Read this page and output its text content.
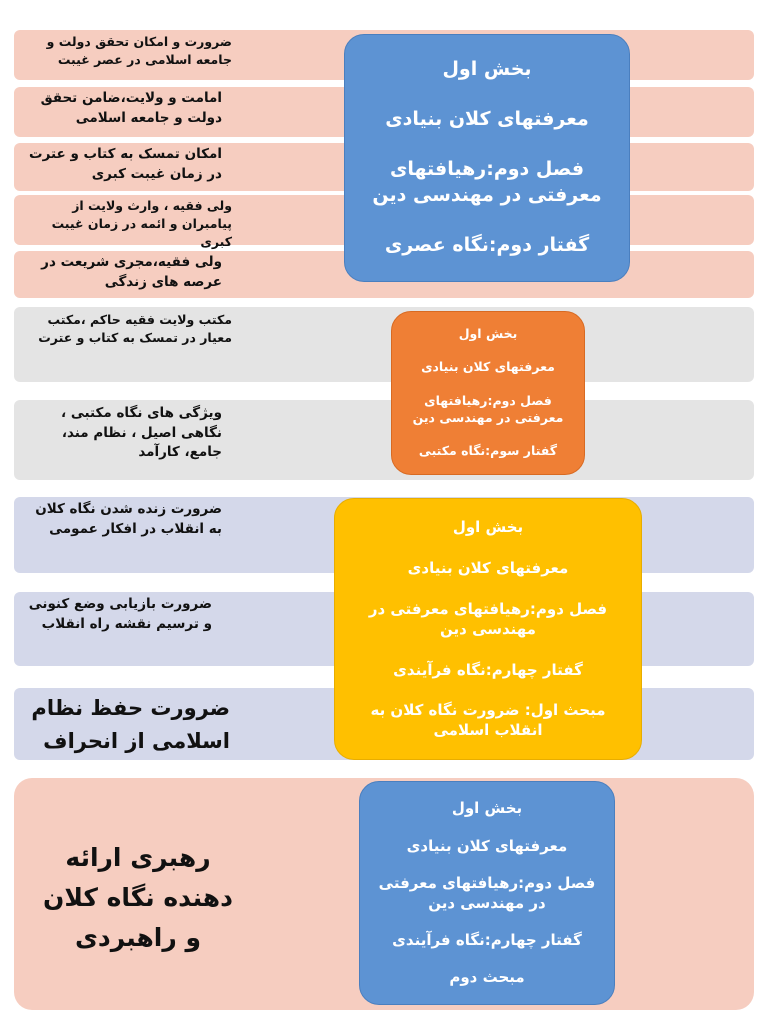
ضرورت و امکان تحقق دولت و جامعه اسلامی در عصر غیبت
امامت و ولایت،ضامن تحقق دولت و جامعه اسلامی
امکان تمسک به کتاب و عترت در زمان غیبت کبری
ولی فقیه ، وارث ولایت از پیامبران و ائمه در زمان غیبت کبری
ولی فقیه،مجری شریعت در عرصه های زندگی
مکتب ولایت فقیه حاکم ،مکتب معیار در تمسک به کتاب و عترت
ویژگی های نگاه مکتبی ، نگاهی اصیل ، نظام مند، جامع، کارآمد
ضرورت زنده شدن نگاه کلان به انقلاب در افکار عمومی
ضرورت بازیابی وضع کنونی و ترسیم نقشه راه انقلاب
ضرورت حفظ نظام اسلامی از انحراف
رهبری ارائه دهنده نگاه کلان و راهبردی

بخش اول

معرفتهای کلان بنیادی

فصل دوم:رهیافتهای معرفتی در مهندسی دین

گفتار دوم:نگاه عصری

بخش اول

معرفتهای کلان بنیادی

فصل دوم:رهیافتهای معرفتی در مهندسی دین

گفتار سوم:نگاه مکتبی

بخش اول

معرفتهای کلان بنیادی

فصل دوم:رهیافتهای معرفتی در مهندسی دین

گفتار چهارم:نگاه فرآیندی

مبحث اول: ضرورت نگاه کلان به انقلاب اسلامی

بخش اول

معرفتهای کلان بنیادی

فصل دوم:رهیافتهای معرفتی در مهندسی دین

گفتار چهارم:نگاه فرآیندی

مبحث دوم
